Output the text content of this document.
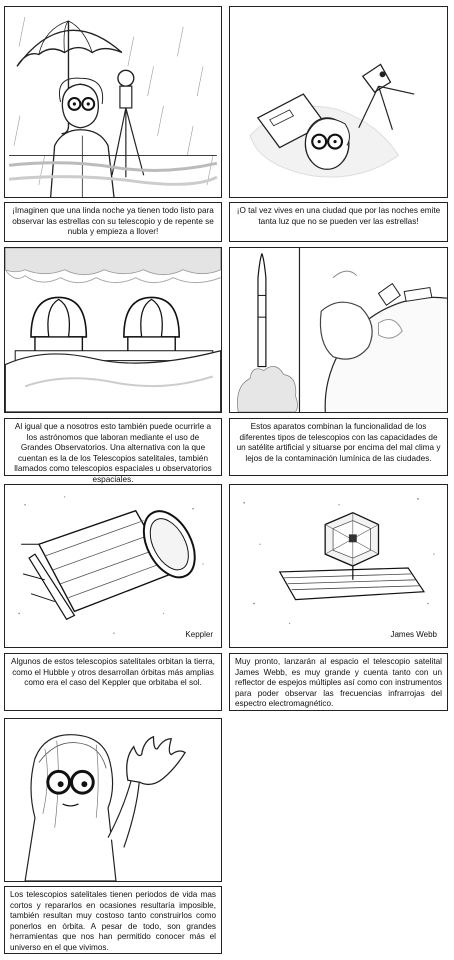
¡Imaginen que una linda noche ya tienen todo listo para observar las estrellas con su telescopio y de repente se nubla y empieza a llover!
¡O tal vez vives en una ciudad que por las noches emite tanta luz que no se pueden ver las estrellas!
Al igual que a nosotros esto también puede ocurrirle a los astrónomos que laboran mediante el uso de Grandes Observatorios. Una alternativa con la que cuentan es la de los Telescopios satelitales, también llamados como telescopios espaciales u observatorios espaciales.
Estos aparatos combinan la funcionalidad de los diferentes tipos de telescopios con las capacidades de un satélite artificial y situarse por encima del mal clima y lejos de la contaminación lumínica de las ciudades.
Keppler
Algunos de estos telescopios satelitales orbitan la tierra, como el Hubble y otros desarrollan órbitas más amplias como era el caso del Keppler que orbitaba el sol.
James Webb
Muy pronto, lanzarán al espacio el telescopio satelital James Webb, es muy grande y cuenta tanto con un reflector de espejos múltiples así como con instrumentos para poder observar las frecuencias infrarrojas del espectro electromagnético.
Los telescopios satelitales tienen periodos de vida mas cortos y repararlos en ocasiones resultaría imposible, también resultan muy costoso tanto construirlos como ponerlos en órbita. A pesar de todo, son grandes herramientas que nos han permitido conocer más el universo en el que vivimos.
